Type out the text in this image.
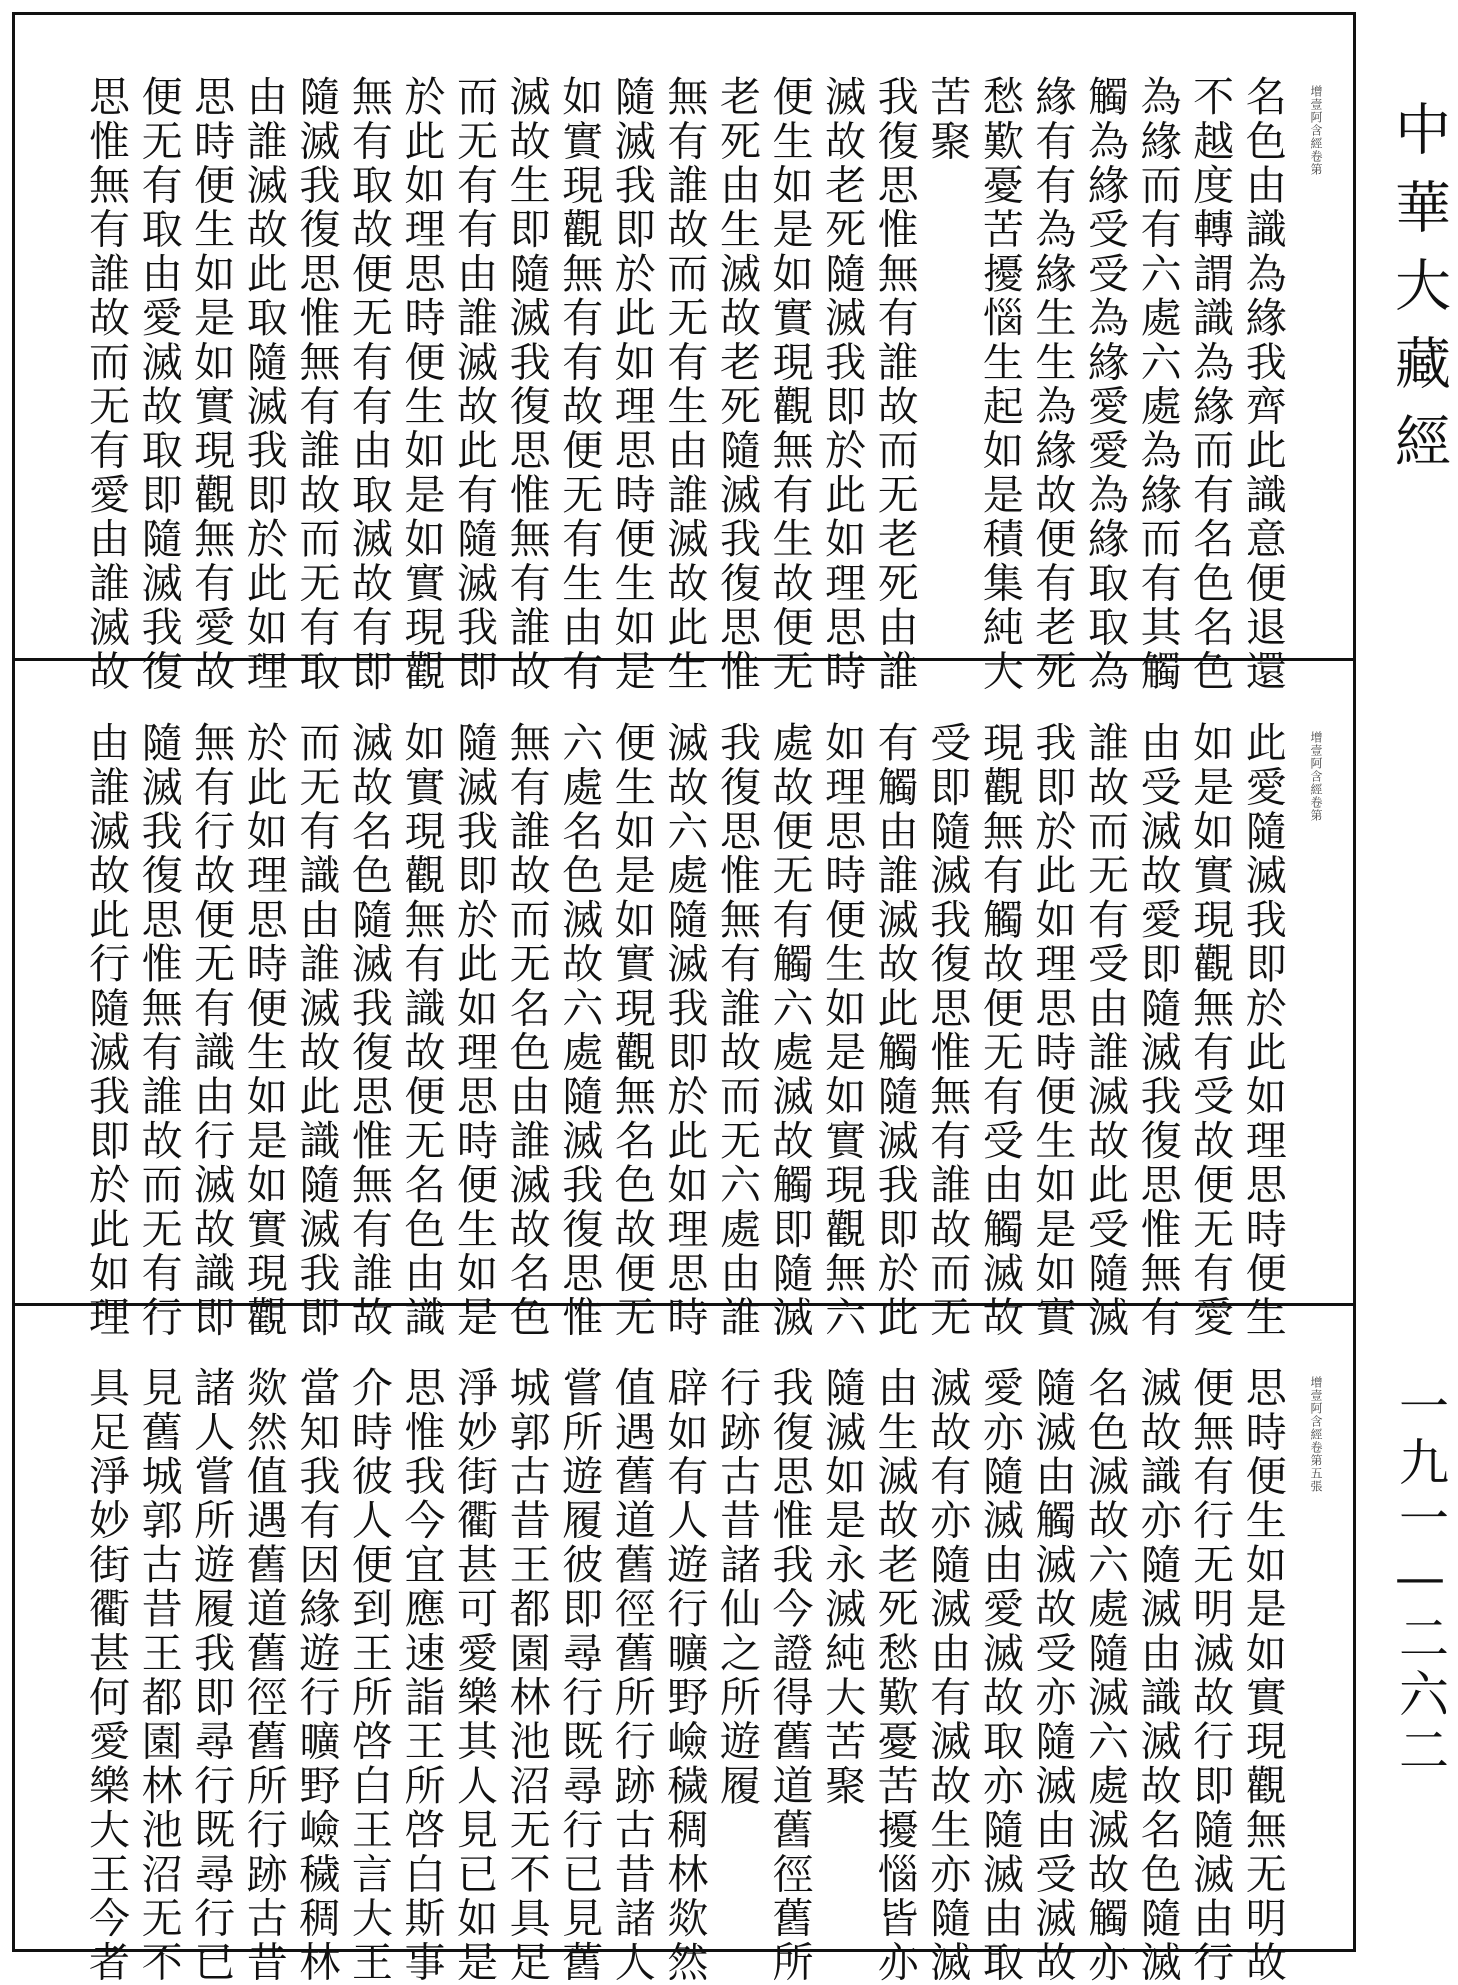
增壹阿含經卷第
名色由識為緣我齊此識意便退還
不越度轉謂識為緣而有名色名色
為緣而有六處六處為緣而有其觸
觸為緣受受為緣愛愛為緣取取為
緣有有為緣生生為緣故便有老死
愁歎憂苦擾惱生起如是積集純大
苦聚
我復思惟無有誰故而无老死由誰
滅故老死隨滅我即於此如理思時
便生如是如實現觀無有生故便无
老死由生滅故老死隨滅我復思惟
無有誰故而无有生由誰滅故此生
隨滅我即於此如理思時便生如是
如實現觀無有有故便无有生由有
滅故生即隨滅我復思惟無有誰故
而无有有由誰滅故此有隨滅我即
於此如理思時便生如是如實現觀
無有取故便无有有由取滅故有即
隨滅我復思惟無有誰故而无有取
由誰滅故此取隨滅我即於此如理
思時便生如是如實現觀無有愛故
便无有取由愛滅故取即隨滅我復
思惟無有誰故而无有愛由誰滅故
增壹阿含經卷第
此愛隨滅我即於此如理思時便生
如是如實現觀無有受故便无有愛
由受滅故愛即隨滅我復思惟無有
誰故而无有受由誰滅故此受隨滅
我即於此如理思時便生如是如實
現觀無有觸故便无有受由觸滅故
受即隨滅我復思惟無有誰故而无
有觸由誰滅故此觸隨滅我即於此
如理思時便生如是如實現觀無六
處故便无有觸六處滅故觸即隨滅
我復思惟無有誰故而无六處由誰
滅故六處隨滅我即於此如理思時
便生如是如實現觀無名色故便无
六處名色滅故六處隨滅我復思惟
無有誰故而无名色由誰滅故名色
隨滅我即於此如理思時便生如是
如實現觀無有識故便无名色由識
滅故名色隨滅我復思惟無有誰故
而无有識由誰滅故此識隨滅我即
於此如理思時便生如是如實現觀
無有行故便无有識由行滅故識即
隨滅我復思惟無有誰故而无有行
由誰滅故此行隨滅我即於此如理
增壹阿含經卷第五張
思時便生如是如實現觀無无明故
便無有行无明滅故行即隨滅由行
滅故識亦隨滅由識滅故名色隨滅
名色滅故六處隨滅六處滅故觸亦
隨滅由觸滅故受亦隨滅由受滅故
愛亦隨滅由愛滅故取亦隨滅由取
滅故有亦隨滅由有滅故生亦隨滅
由生滅故老死愁歎憂苦擾惱皆亦
隨滅如是永滅純大苦聚
我復思惟我今證得舊道舊徑舊所
行跡古昔諸仙之所遊履
辟如有人遊行曠野嶮穢稠林欻然
值遇舊道舊徑舊所行跡古昔諸人
嘗所遊履彼即尋行既尋行已見舊
城郭古昔王都園林池沼无不具足
淨妙街衢甚可愛樂其人見已如是
思惟我今宜應速詣王所啓白斯事
介時彼人便到王所啓白王言大王
當知我有因緣遊行曠野嶮穢稠林
欻然值遇舊道舊徑舊所行跡古昔
諸人嘗所遊履我即尋行既尋行已
見舊城郭古昔王都園林池沼无不
具足淨妙街衢甚何愛樂大王今者
中華大藏經
一九一—二六二
